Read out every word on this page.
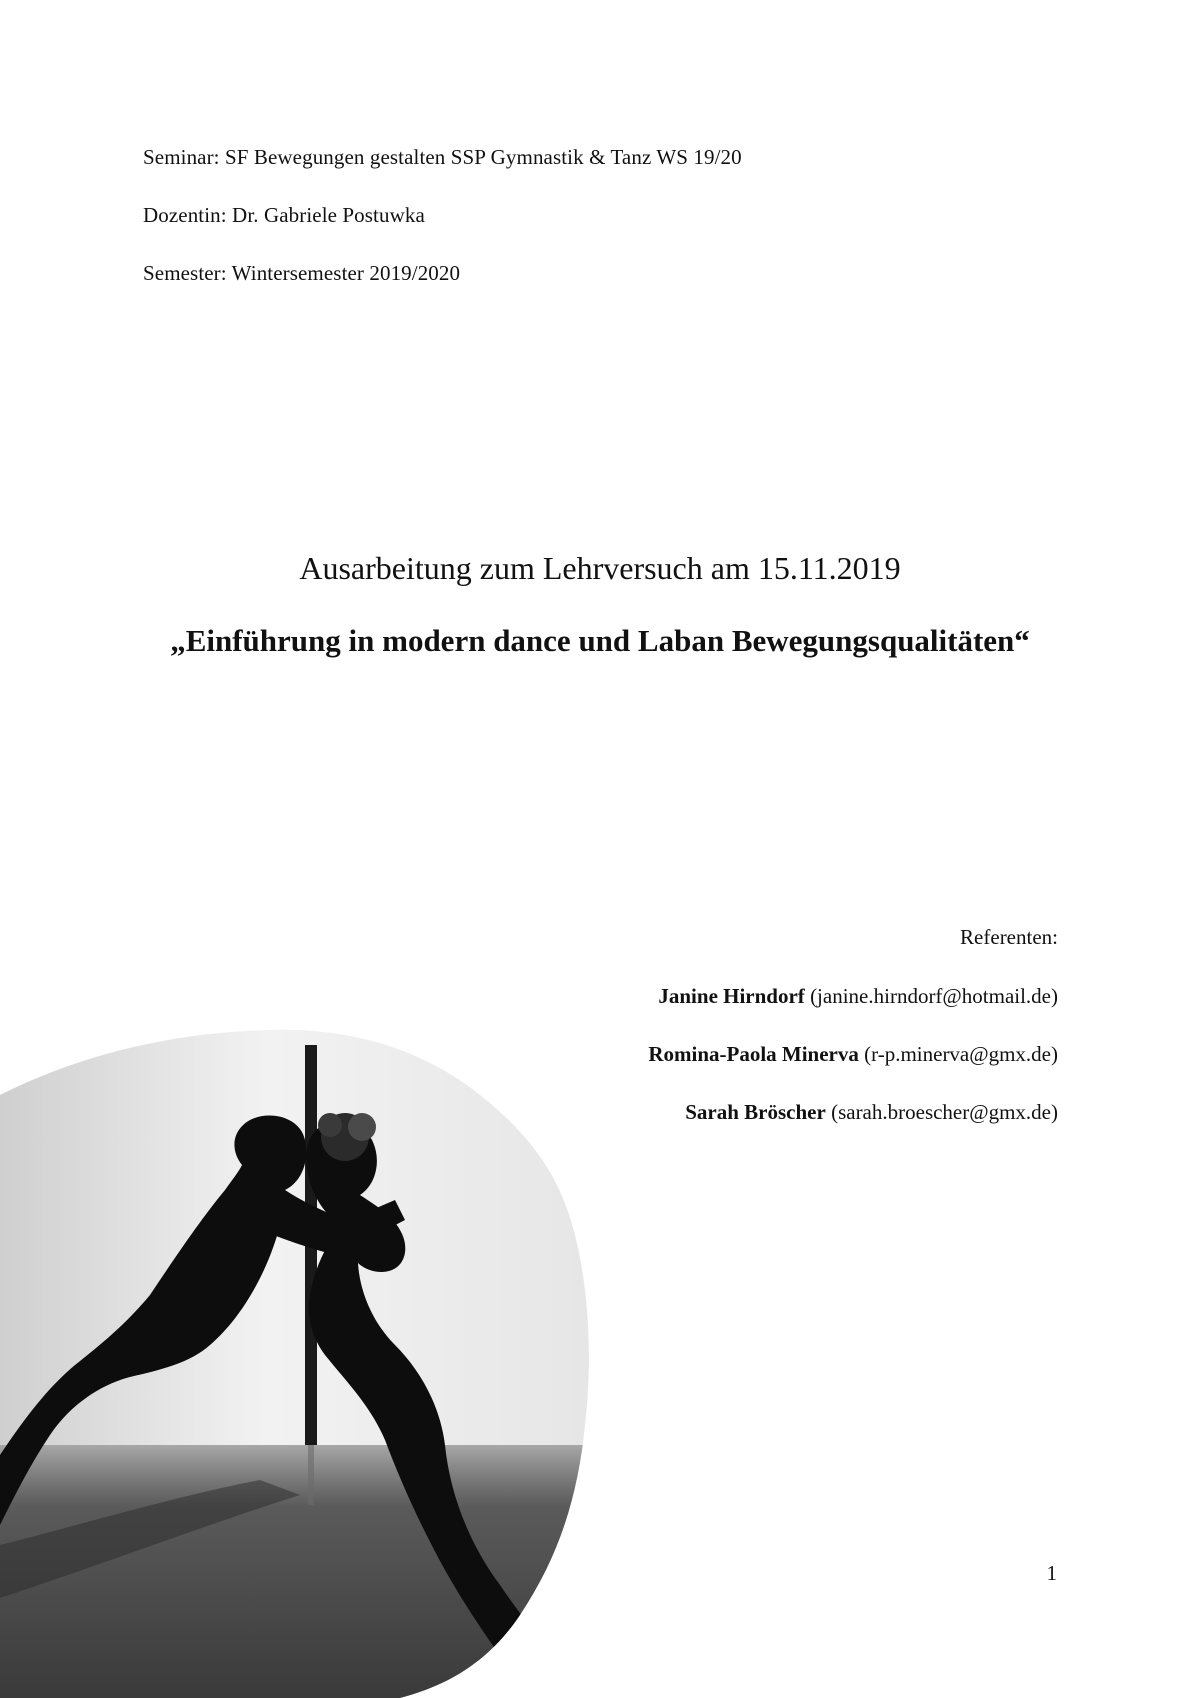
Seminar: SF Bewegungen gestalten SSP Gymnastik & Tanz WS 19/20
Dozentin: Dr. Gabriele Postuwka
Semester: Wintersemester 2019/2020
Ausarbeitung zum Lehrversuch am 15.11.2019
„Einführung in modern dance und Laban Bewegungsqualitäten“
Referenten:
Janine Hirndorf (janine.hirndorf@hotmail.de)
Romina-Paola Minerva (r-p.minerva@gmx.de)
Sarah Bröscher (sarah.broescher@gmx.de)
1
